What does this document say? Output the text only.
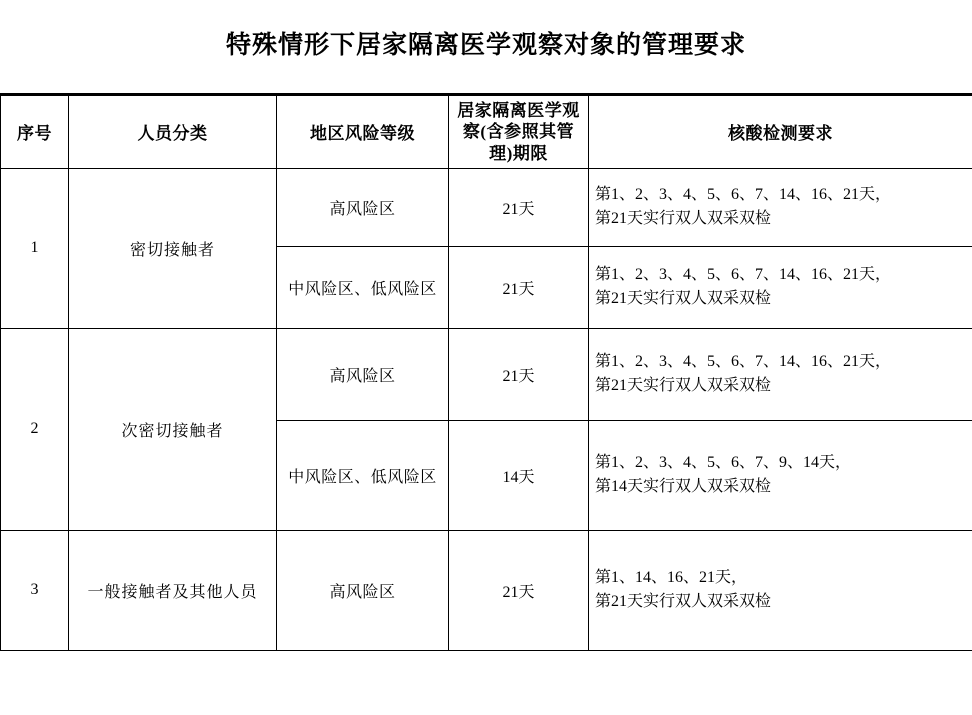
特殊情形下居家隔离医学观察对象的管理要求
序号	人员分类	地区风险等级	居家隔离医学观察(含参照其管理)期限	核酸检测要求
1	密切接触者	高风险区	21天	第1、2、3、4、5、6、7、14、16、21天，
第21天实行双人双采双检

		中风险区、低风险区	21天	第1、2、3、4、5、6、7、14、16、21天，
第21天实行双人双采双检

2	次密切接触者	高风险区	21天	第1、2、3、4、5、6、7、14、16、21天，
第21天实行双人双采双检

		中风险区、低风险区	14天	第1、2、3、4、5、6、7、9、14天，
第14天实行双人双采双检

3	一般接触者及其他人员	高风险区	21天	第1、14、16、21天，
第21天实行双人双采双检
